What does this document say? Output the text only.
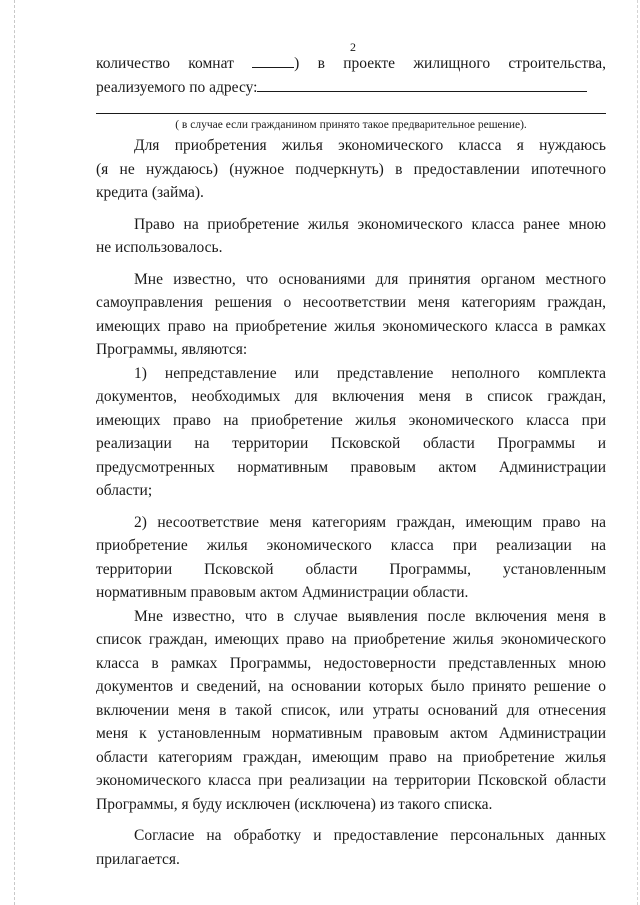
2
количество комнат	) в проекте жилищного строительства,
реализуемого по адресу:
( в случае если гражданином принято такое предварительное решение).
Для приобретения жилья экономического класса я нуждаюсь
(я не нуждаюсь) (нужное подчеркнуть) в предоставлении ипотечного
кредита (займа).
Право на приобретение жилья экономического класса ранее мною
не использовалось.
Мне известно, что основаниями для принятия органом местного
самоуправления решения о несоответствии меня категориям граждан,
имеющих право на приобретение жилья экономического класса в рамках
Программы, являются:
1) непредставление или представление неполного комплекта
документов, необходимых для включения меня в список граждан,
имеющих право на приобретение жилья экономического класса при
реализации на территории Псковской области Программы и
предусмотренных нормативным правовым актом Администрации
области;
2) несоответствие меня категориям граждан, имеющим право на
приобретение жилья экономического класса при реализации на
территории Псковской области Программы, установленным
нормативным правовым актом Администрации области.
Мне известно, что в случае выявления после включения меня в
список граждан, имеющих право на приобретение жилья экономического
класса в рамках Программы, недостоверности представленных мною
документов и сведений, на основании которых было принято решение о
включении меня в такой список, или утраты оснований для отнесения
меня к установленным нормативным правовым актом Администрации
области категориям граждан, имеющим право на приобретение жилья
экономического класса при реализации на территории Псковской области
Программы, я буду исключен (исключена) из такого списка.
Согласие на обработку и предоставление персональных данных
прилагается.
